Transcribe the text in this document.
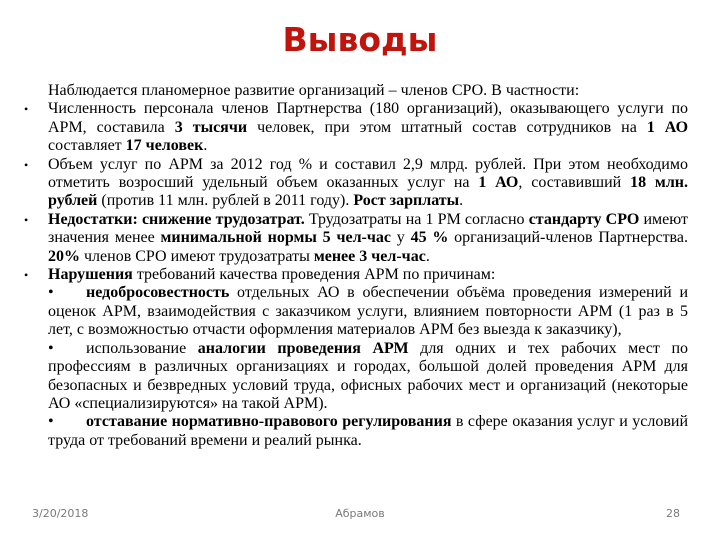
Выводы
Наблюдается планомерное развитие организаций – членов СРО. В частности:
• Численность персонала членов Партнерства (180 организаций), оказывающего услуги по АРМ, составила 3 тысячи человек, при этом штатный состав сотрудников на 1 АО составляет 17 человек.
• Объем услуг по АРМ за 2012 год % и составил 2,9 млрд. рублей. При этом необходимо отметить возросший удельный объем оказанных услуг на 1 АО, составивший 18 млн. рублей (против 11 млн. рублей в 2011 году). Рост зарплаты.
• Недостатки: снижение трудозатрат. Трудозатраты на 1 РМ согласно стандарту СРО имеют значения менее минимальной нормы 5 чел-час у 45 % организаций-членов Партнерства. 20% членов СРО имеют трудозатраты менее 3 чел-час.
• Нарушения требований качества проведения АРМ по причинам:
• недобросовестность отдельных АО в обеспечении объёма проведения измерений и оценок АРМ, взаимодействия с заказчиком услуги, влиянием повторности АРМ (1 раз в 5 лет, с возможностью отчасти оформления материалов АРМ без выезда к заказчику),
• использование аналогии проведения АРМ для одних и тех рабочих мест по профессиям в различных организациях и городах, большой долей проведения АРМ для безопасных и безвредных условий труда, офисных рабочих мест и организаций (некоторые АО «специализируются» на такой АРМ).
• отставание нормативно-правового регулирования в сфере оказания услуг и условий труда от требований времени и реалий рынка.
3/20/2018	Абрамов	28
